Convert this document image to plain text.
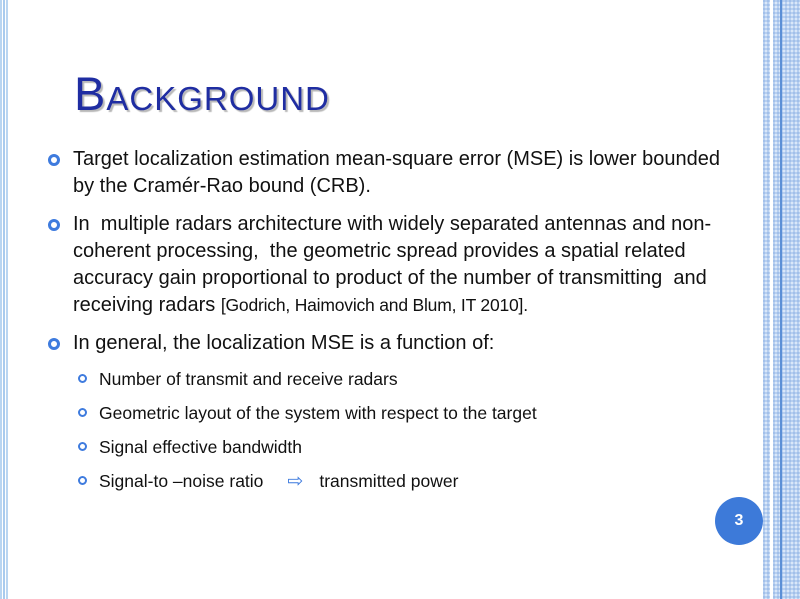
Background
Target localization estimation mean-square error (MSE) is lower bounded by the Cramér-Rao bound (CRB).
In  multiple radars architecture with widely separated antennas and non-coherent processing,  the geometric spread provides a spatial related  accuracy gain proportional to product of the number of transmitting  and receiving radars [Godrich, Haimovich and Blum, IT 2010].
In general, the localization MSE is a function of:
Number of transmit and receive radars
Geometric layout of the system with respect to the target
Signal effective bandwidth
Signal-to –noise ratio ⇨ transmitted power
3
